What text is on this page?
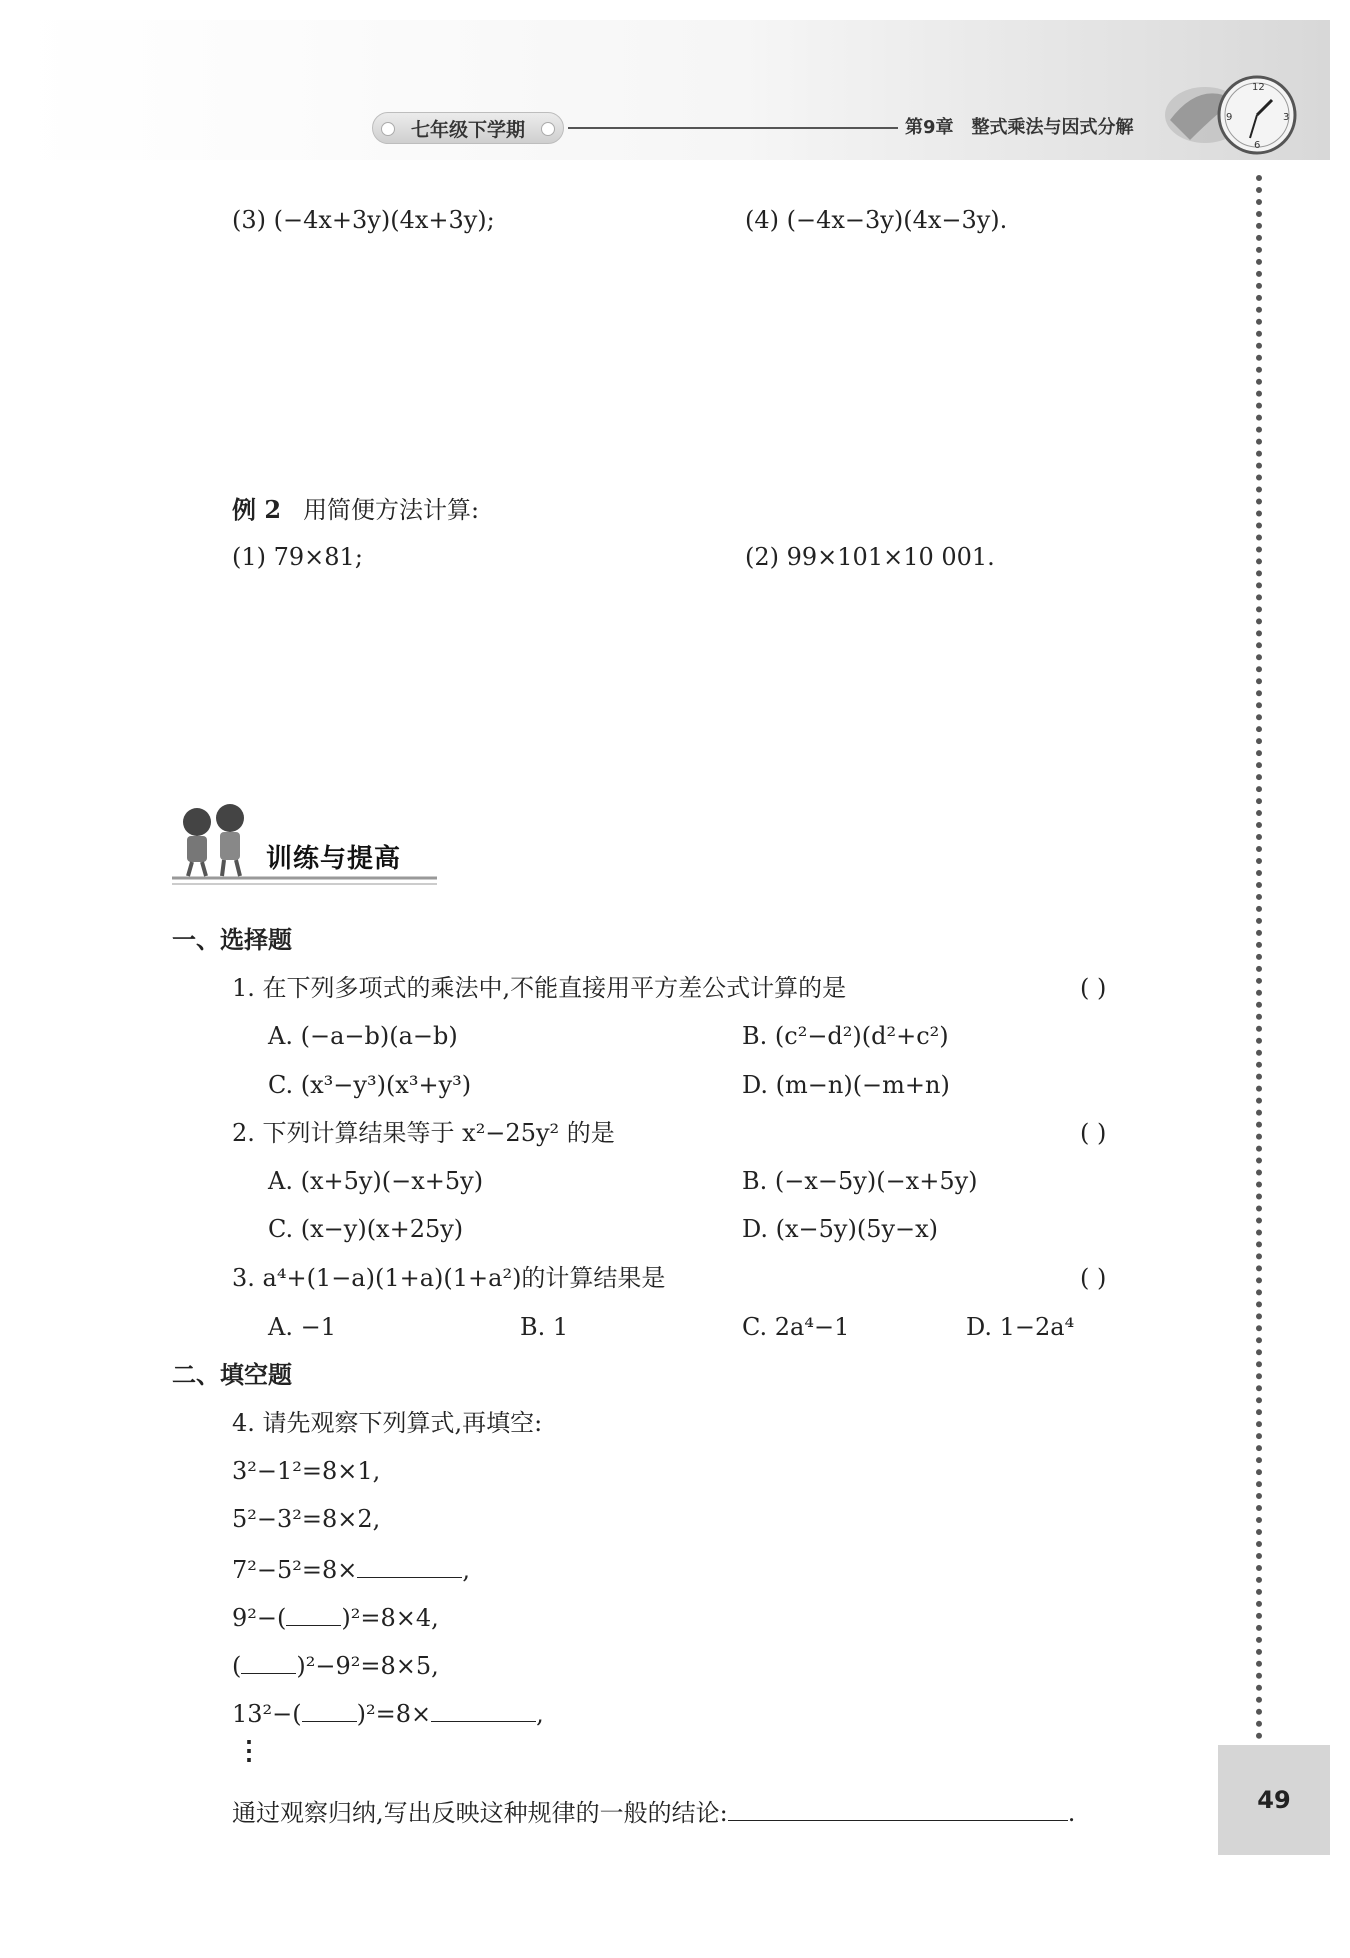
七年级下学期	第9章 整式乘法与因式分解
12
3
6
9
49
(3) (−4x+3y)(4x+3y);	(4) (−4x−3y)(4x−3y).
例 2 用简便方法计算:
(1) 79×81;	(2) 99×101×10 001.
训练与提高
一、选择题
1. 在下列多项式的乘法中,不能直接用平方差公式计算的是	( )
A. (−a−b)(a−b)	B. (c²−d²)(d²+c²)
C. (x³−y³)(x³+y³)	D. (m−n)(−m+n)
2. 下列计算结果等于 x²−25y² 的是	( )
A. (x+5y)(−x+5y)	B. (−x−5y)(−x+5y)
C. (x−y)(x+25y)	D. (x−5y)(5y−x)
3. a⁴+(1−a)(1+a)(1+a²)的计算结果是	( )
A. −1	B. 1	C. 2a⁴−1	D. 1−2a⁴
二、填空题
4. 请先观察下列算式,再填空:
3²−1²=8×1,
5²−3²=8×2,
7²−5²=8×	,
9²−( )²=8×4,
( )²−9²=8×5,
13²−( )²=8×	,
⋮
通过观察归纳,写出反映这种规律的一般的结论:	.
